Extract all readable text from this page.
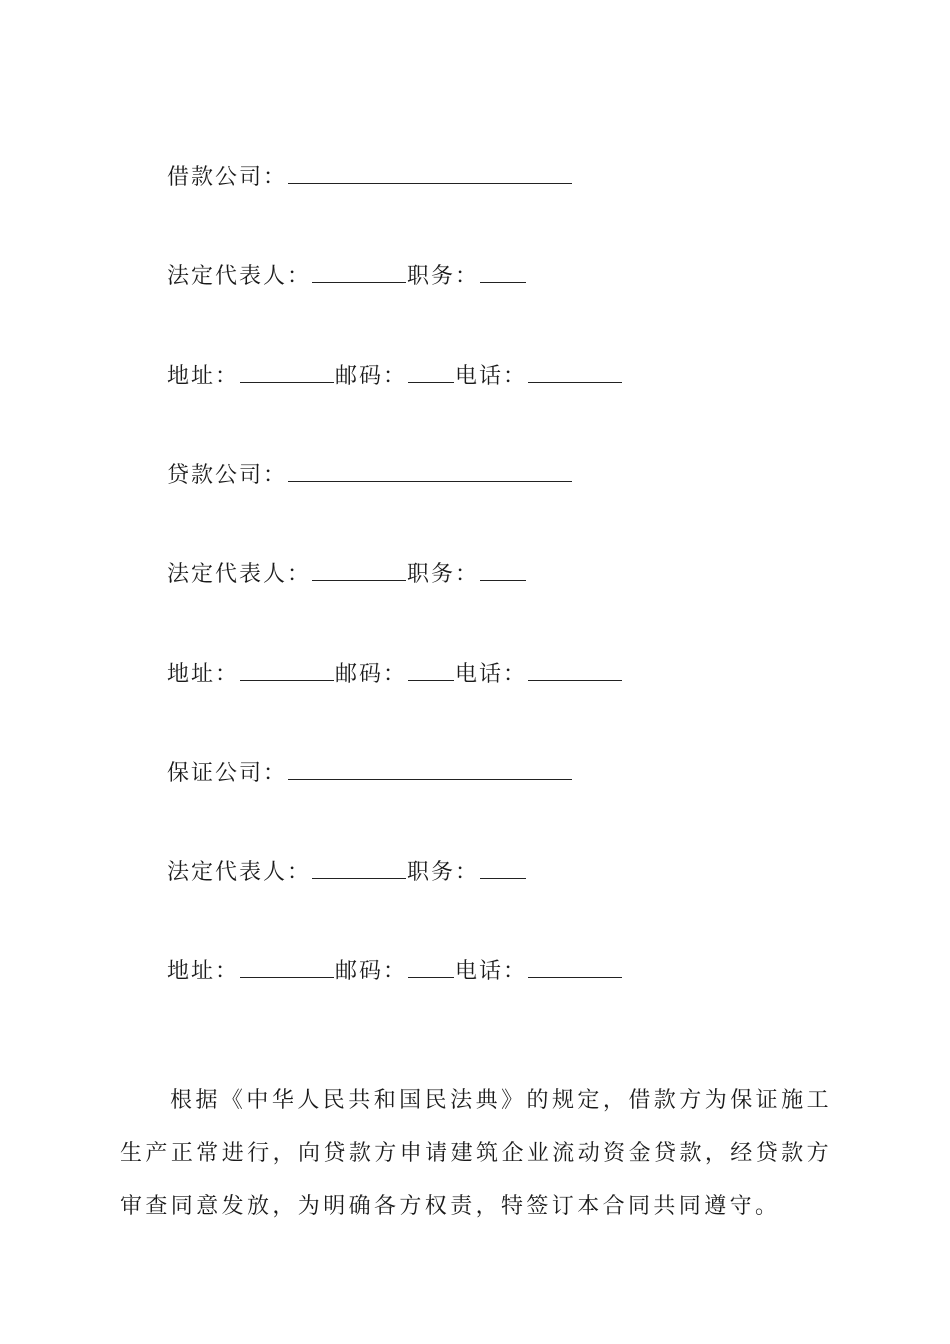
借款公司：
法定代表人：	职务：
地址：	邮码： 电话：
贷款公司：
法定代表人：	职务：
地址：	邮码： 电话：
保证公司：
法定代表人：	职务：
地址：	邮码： 电话：

根据《中华人民共和国民法典》的规定，借款方为保证施工生产正常进行，向贷款方申请建筑企业流动资金贷款，经贷款方审查同意发放，为明确各方权责，特签订本合同共同遵守。
